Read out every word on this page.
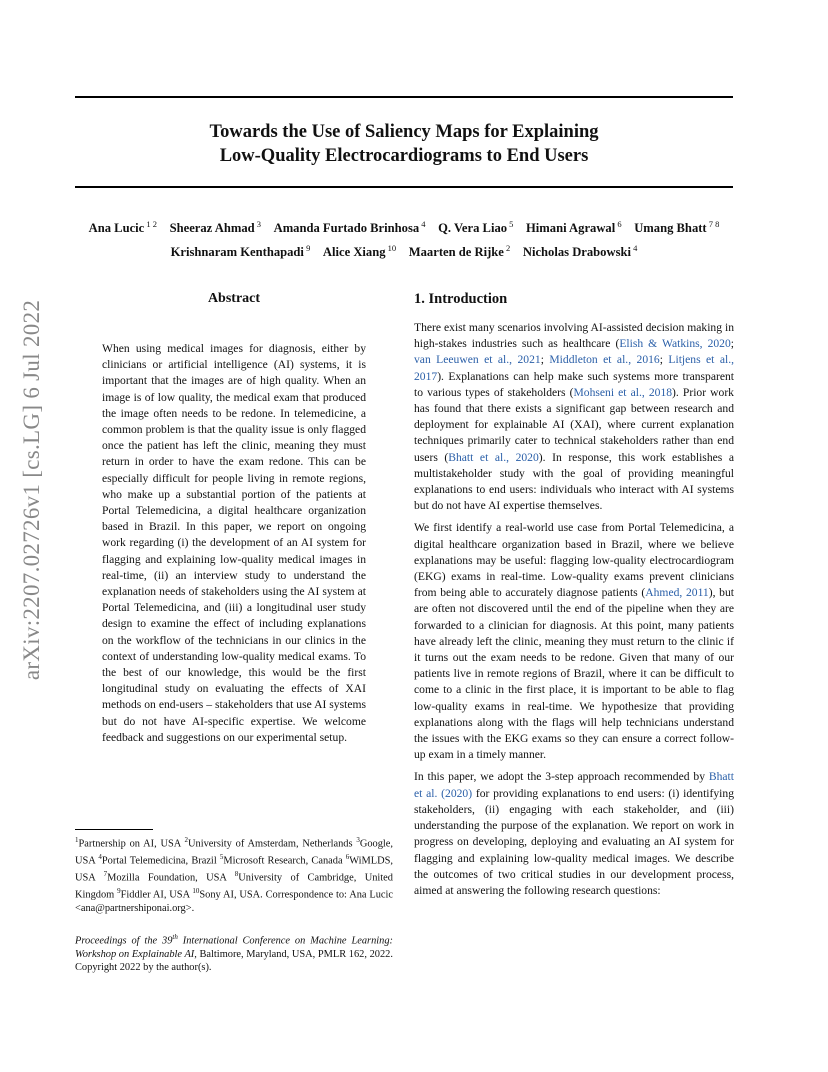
Towards the Use of Saliency Maps for Explaining
Low-Quality Electrocardiograms to End Users
Ana Lucic $^{1 2}$   Sheeraz Ahmad $^3$   Amanda Furtado Brinhosa $^4$   Q. Vera Liao $^5$   Himani Agrawal $^6$   Umang Bhatt $^{7 8}$
Krishnaram Kenthapadi $^9$   Alice Xiang $^{10}$   Maarten de Rijke $^2$   Nicholas Drabowski $^4$
arXiv:2207.02726v1 [cs.LG] 6 Jul 2022
Abstract
When using medical images for diagnosis, either by clinicians or artificial intelligence (AI) systems, it is important that the images are of high quality. When an image is of low quality, the medical exam that produced the image often needs to be redone. In telemedicine, a common problem is that the quality issue is only flagged once the patient has left the clinic, meaning they must return in order to have the exam redone. This can be especially difficult for people living in remote regions, who make up a substantial portion of the patients at Portal Telemedicina, a digital healthcare organization based in Brazil. In this paper, we report on ongoing work regarding (i) the development of an AI system for flagging and explaining low-quality medical images in real-time, (ii) an interview study to understand the explanation needs of stakeholders using the AI system at Portal Telemedicina, and (iii) a longitudinal user study design to examine the effect of including explanations on the workflow of the technicians in our clinics in the context of understanding low-quality medical exams. To the best of our knowledge, this would be the first longitudinal study on evaluating the effects of XAI methods on end-users – stakeholders that use AI systems but do not have AI-specific expertise. We welcome feedback and suggestions on our experimental setup.
$^1$Partnership on AI, USA $^2$University of Amsterdam, Netherlands $^3$Google, USA $^4$Portal Telemedicina, Brazil $^5$Microsoft Research, Canada $^6$WiMLDS, USA $^7$Mozilla Foundation, USA $^8$University of Cambridge, United Kingdom $^9$Fiddler AI, USA $^{10}$Sony AI, USA. Correspondence to: Ana Lucic <ana@partnershiponai.org>.
Proceedings of the 39th International Conference on Machine Learning: Workshop on Explainable AI, Baltimore, Maryland, USA, PMLR 162, 2022. Copyright 2022 by the author(s).
1. Introduction

There exist many scenarios involving AI-assisted decision making in high-stakes industries such as healthcare (Elish & Watkins, 2020; van Leeuwen et al., 2021; Middleton et al., 2016; Litjens et al., 2017). Explanations can help make such systems more transparent to various types of stakeholders (Mohseni et al., 2018). Prior work has found that there exists a significant gap between research and deployment for explainable AI (XAI), where current explanation techniques primarily cater to technical stakeholders rather than end users (Bhatt et al., 2020). In response, this work establishes a multistakeholder study with the goal of providing meaningful explanations to end users: individuals who interact with AI systems but do not have AI expertise themselves.

We first identify a real-world use case from Portal Telemedicina, a digital healthcare organization based in Brazil, where we believe explanations may be useful: flagging low-quality electrocardiogram (EKG) exams in real-time. Low-quality exams prevent clinicians from being able to accurately diagnose patients (Ahmed, 2011), but are often not discovered until the end of the pipeline when they are forwarded to a clinician for diagnosis. At this point, many patients have already left the clinic, meaning they must return to the clinic if it turns out the exam needs to be redone. Given that many of our patients live in remote regions of Brazil, where it can be difficult to come to a clinic in the first place, it is important to be able to flag low-quality exams in real-time. We hypothesize that providing explanations along with the flags will help technicians understand the issues with the EKG exams so they can ensure a correct follow-up exam in a timely manner.

In this paper, we adopt the 3-step approach recommended by Bhatt et al. (2020) for providing explanations to end users: (i) identifying stakeholders, (ii) engaging with each stakeholder, and (iii) understanding the purpose of the explanation. We report on work in progress on developing, deploying and evaluating an AI system for flagging and explaining low-quality medical images. We describe the outcomes of two critical studies in our development process, aimed at answering the following research questions:
